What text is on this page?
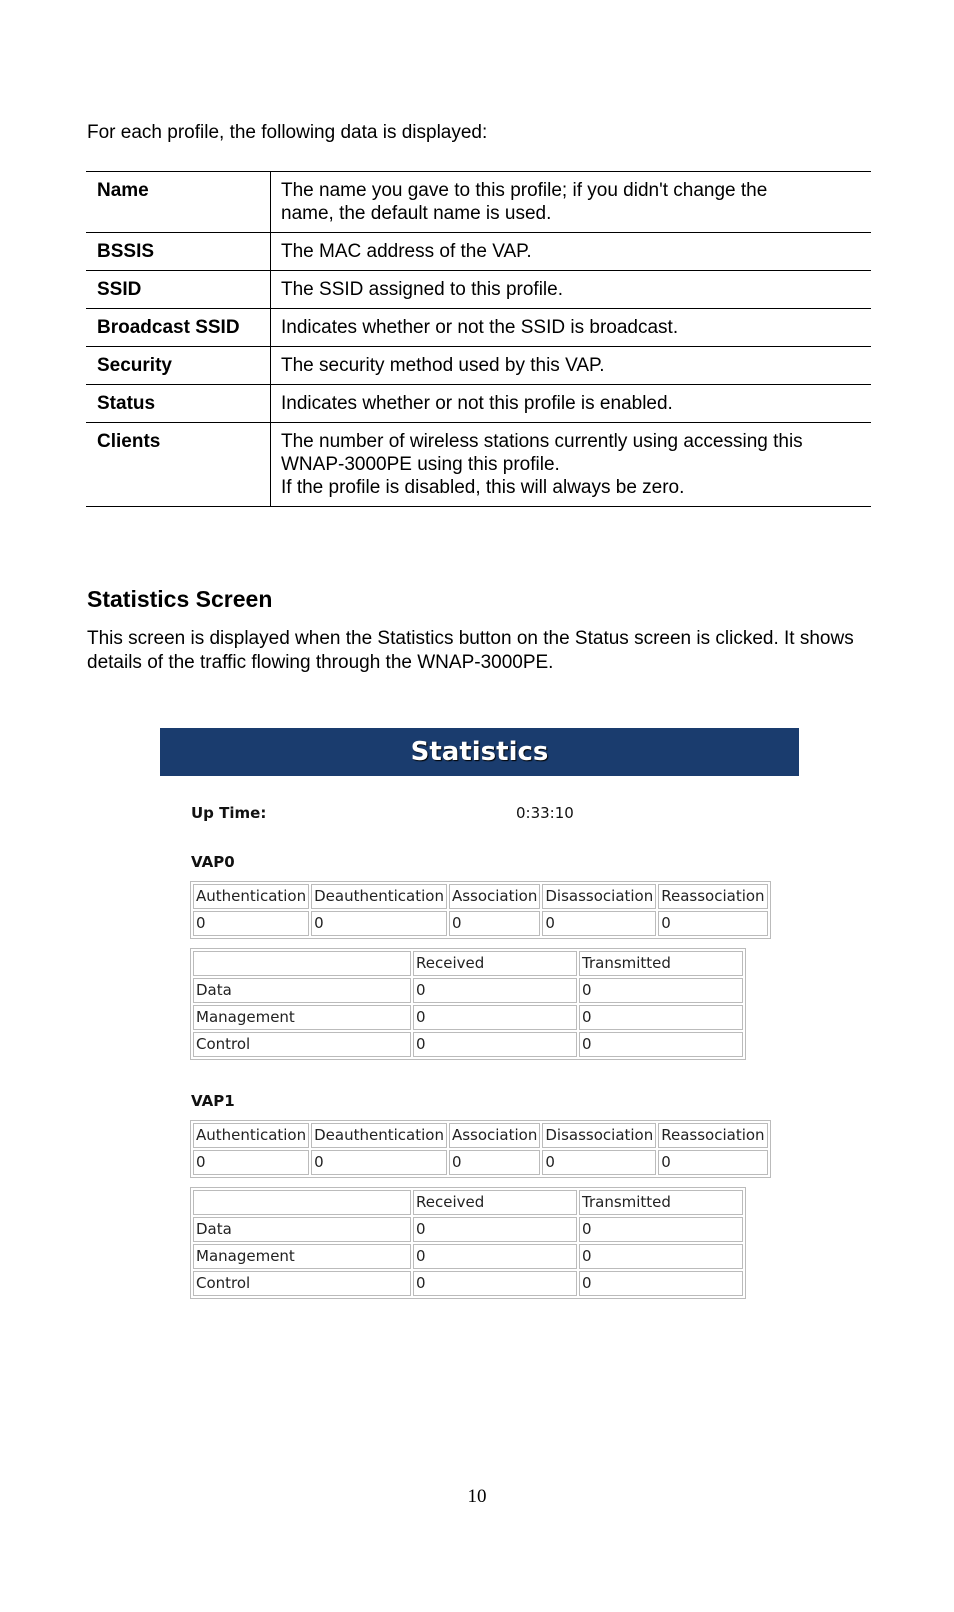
For each profile, the following data is displayed:

Name	The name you gave to this profile; if you didn't change the
name, the default name is used.

BSSIS	The MAC address of the VAP.

SSID	The SSID assigned to this profile.

Broadcast SSID	Indicates whether or not the SSID is broadcast.

Security	The security method used by this VAP.

Status	Indicates whether or not this profile is enabled.

Clients	The number of wireless stations currently using accessing this
WNAP-3000PE using this profile.
If the profile is disabled, this will always be zero.
Statistics Screen

This screen is displayed when the Statistics button on the Status screen is clicked. It shows details of the traffic flowing through the WNAP-3000PE.

Statistics
Up Time:	0:33:10
VAP0
Authentication	Deauthentication	Association	Disassociation	Reassociation
0	0	0	0	0
	Received	Transmitted
Data	0	0
Management	0	0
Control	0	0
VAP1
Authentication	Deauthentication	Association	Disassociation	Reassociation
0	0	0	0	0
	Received	Transmitted
Data	0	0
Management	0	0
Control	0	0
10
